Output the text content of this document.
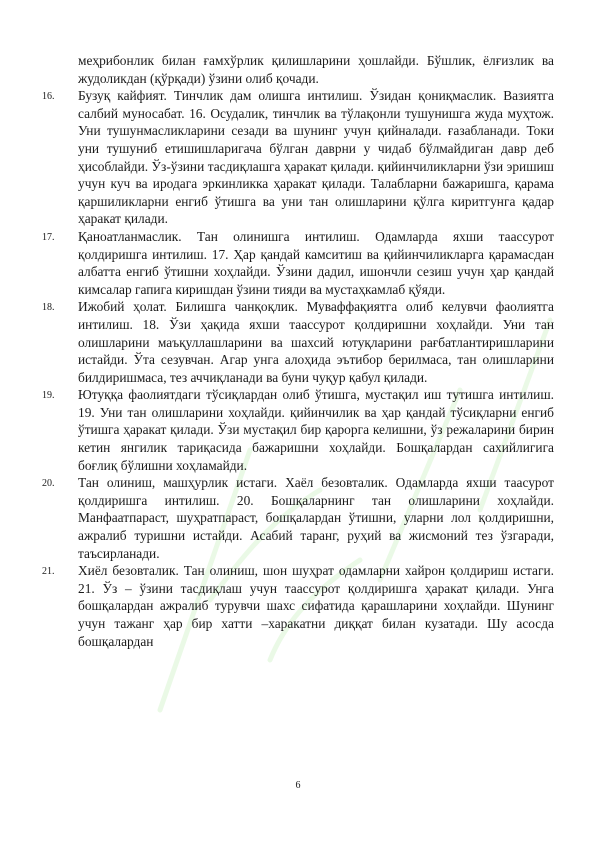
меҳрибонлик билан ғамхўрлик қилишларини ҳошлайди. Бўшлик, ёлғизлик ва жудоликдан (қўрқади) ўзини олиб қочади.
16.	Бузуқ кайфият. Тинчлик дам олишга интилиш. Ўзидан қониқмаслик. Вазиятга салбий муносабат. 16. Осудалик, тинчлик ва тўлақонли тушунишга жуда муҳтож. Уни тушунмасликларини сезади ва шунинг учун қийналади. ғазабланади. Токи уни тушуниб етишишларигача бўлган даврни у чидаб бўлмайдиган давр деб ҳисоблайди. Ўз-ўзини тасдиқлашга ҳаракат қилади. қийинчиликларни ўзи эришиш учун куч ва иродага эркинликка ҳаракат қилади. Талабларни бажаришга, қарама қаршиликларни енгиб ўтишга ва уни тан олишларини қўлга киритгунга қадар ҳаракат қилади.
17.	Қаноатланмаслик. Тан олинишга интилиш. Одамларда яхши таассурот қолдиришга интилиш. 17. Ҳар қандай камситиш ва қийинчиликларга қарамасдан албатта енгиб ўтишни хоҳлайди. Ўзини дадил, ишончли сезиш учун ҳар қандай кимсалар гапига киришдан ўзини тияди ва мустаҳкамлаб қўяди.
18.	Ижобий ҳолат. Билишга чанқоқлик. Муваффақиятга олиб келувчи фаолиятга интилиш. 18. Ўзи ҳақида яхши таассурот қолдиришни хоҳлайди. Уни тан олишларини маъқуллашларини ва шахсий ютуқларини рағбатлантиришларини истайди. Ўта сезувчан. Агар унга алоҳида эътибор берилмаса, тан олишларини билдиришмаса, тез аччиқланади ва буни чуқур қабул қилади.
19.	Ютуққа фаолиятдаги тўсиқлардан олиб ўтишга, мустақил иш тутишга интилиш. 19. Уни тан олишларини хоҳлайди. қийинчилик ва ҳар қандай тўсиқларни енгиб ўтишга ҳаракат қилади. Ўзи мустақил бир қарорга келишни, ўз режаларини бирин кетин янгилик тариқасида бажаришни хоҳлайди. Бошқалардан сахийлигига боғлиқ бўлишни хоҳламайди.
20.	Тан олиниш, машҳурлик истаги. Хаёл безовталик. Одамларда яхши таасурот қолдиришга интилиш. 20. Бошқаларнинг тан олишларини хоҳлайди. Манфаатпараст, шуҳратпараст, бошқалардан ўтишни, уларни лол қолдиришни, ажралиб туришни истайди. Асабий таранг, руҳий ва жисмоний тез ўзгаради, таъсирланади.
21.	Хиёл безовталик. Тан олиниш, шон шуҳрат одамларни хайрон қолдириш истаги. 21. Ўз – ўзини тасдиқлаш учун таассурот қолдиришга ҳаракат қилади. Унга бошқалардан ажралиб турувчи шахс сифатида қарашларини хоҳлайди. Шунинг учун тажанг ҳар бир хатти –харакатни диққат билан кузатади. Шу асосда бошқалардан
6
